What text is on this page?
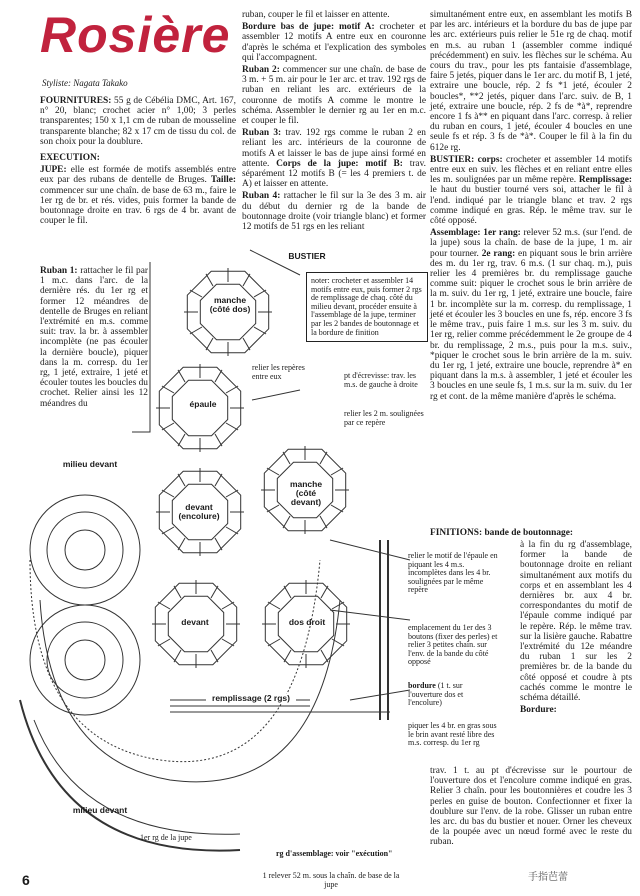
Rosière
Styliste: Nagata Takako

FOURNITURES: 55 g de Cébélia DMC, Art. 167, n° 20, blanc; crochet acier n° 1,00; 3 perles transparentes; 150 x 1,1 cm de ruban de mousseline transparente blanche; 82 x 17 cm de tissu du col. de son choix pour la doublure.

EXECUTION:

JUPE: elle est formée de motifs assemblés entre eux par des rubans de dentelle de Bruges. Taille: commencer sur une chaîn. de base de 63 m., faire le 1er rg de br. et rés. vides, puis former la bande de boutonnage droite en trav. 6 rgs de 4 br. avant de couper le fil.

Ruban 1: rattacher le fil par 1 m.c. dans l'arc. de la dernière rés. du 1er rg et former 12 méandres de dentelle de Bruges en reliant l'extrémité en m.s. comme suit: trav. la br. à assembler incomplète (ne pas écouler la dernière boucle), piquer dans la m. corresp. du 1er rg, 1 jeté, extraire, 1 jeté et écouler toutes les boucles du crochet. Relier ainsi les 12 méandres du

ruban, couper le fil et laisser en attente.

Bordure bas de jupe: motif A: crocheter et assembler 12 motifs A entre eux en couronne d'après le schéma et l'explication des symboles qui l'accompagnent.

Ruban 2: commencer sur une chaîn. de base de 3 m. + 5 m. air pour le 1er arc. et trav. 192 rgs de ruban en reliant les arc. extérieurs de la couronne de motifs A comme le montre le schéma. Assembler le dernier rg au 1er en m.c. et couper le fil.

Ruban 3: trav. 192 rgs comme le ruban 2 en reliant les arc. intérieurs de la couronne de motifs A et laisser le bas de jupe ainsi formé en attente. Corps de la jupe: motif B: trav. séparément 12 motifs B (= les 4 premiers t. de A) et laisser en attente.

Ruban 4: rattacher le fil sur la 3e des 3 m. air du début du dernier rg de la bande de boutonnage droite (voir triangle blanc) et former 12 motifs de 51 rgs en les reliant

simultanément entre eux, en assemblant les motifs B par les arc. intérieurs et la bordure du bas de jupe par les arc. extérieurs puis relier le 51e rg de chaq. motif en m.s. au ruban 1 (assembler comme indiqué précédemment) en suiv. les flèches sur le schéma. Au cours du trav., pour les pts fantaisie d'assemblage, faire 5 jetés, piquer dans le 1er arc. du motif B, 1 jeté, extraire une boucle, rép. 2 fs *1 jeté, écouler 2 boucles*, **2 jetés, piquer dans l'arc. suiv. de B, 1 jeté, extraire une boucle, rép. 2 fs de *à*, reprendre encore 1 fs à** en piquant dans l'arc. corresp. à relier du ruban en cours, 1 jeté, écouler 4 boucles en une seule fs et rép. 3 fs de *à*. Couper le fil à la fin du 612e rg.

BUSTIER: corps: crocheter et assembler 14 motifs entre eux en suiv. les flèches et en reliant entre elles les m. soulignées par un même repère. Remplissage: le haut du bustier tourné vers soi, attacher le fil à l'end. indiqué par le triangle blanc et trav. 2 rgs comme indiqué en gras. Rép. le même trav. sur le côté opposé.

Assemblage: 1er rang: relever 52 m.s. (sur l'end. de la jupe) sous la chaîn. de base de la jupe, 1 m. air pour tourner. 2e rang: en piquant sous le brin arrière des m. du 1er rg, trav. 6 m.s. (1 sur chaq. m.), puis relier les 4 premières br. du remplissage gauche comme suit: piquer le crochet sous le brin arrière de la m. suiv. du 1er rg, 1 jeté, extraire une boucle, faire 1 br. incomplète sur la m. corresp. du remplissage, 1 jeté et écouler les 3 boucles en une fs, rép. encore 3 fs le même trav., puis faire 1 m.s. sur les 3 m. suiv. du 1er rg, relier comme précédemment le 2e groupe de 4 br. du remplissage, 2 m.s., puis pour la m.s. suiv., *piquer le crochet sous le brin arrière de la m. suiv. du 1er rg, 1 jeté, extraire une boucle, reprendre à* en piquant dans la m.s. à assembler, 1 jeté et écouler les 3 boucles en une seule fs, 1 m.s. sur la m. suiv. du 1er rg et cont. de la même manière d'après le schéma.

FINITIONS: bande de boutonnage:

à la fin du rg d'assemblage, former la bande de boutonnage droite en reliant simultanément aux motifs du corps et en assemblant les 4 dernières br. aux 4 br. correspondantes du motif de l'épaule comme indiqué par le repère. Rép. le même trav. sur la lisière gauche. Rabattre l'extrémité du 12e méandre du ruban 1 sur les 2 premières br. de la bande du côté opposé et coudre à pts cachés comme le montre le schéma détaillé.

Bordure:

trav. 1 t. au pt d'écrevisse sur le pourtour de l'ouverture dos et l'encolure comme indiqué en gras. Relier 3 chaîn. pour les boutonnières et coudre les 3 perles en guise de bouton. Confectionner et fixer la doublure sur l'env. de la robe. Glisser un ruban entre les arc. du bas du bustier et nouer. Orner les cheveux de la poupée avec un nœud formé avec le reste du ruban.

BUSTIER
manche (côté dos)
épaule
manche (côté devant)
devant (encolure)
milieu devant
devant	dos droit
remplissage (2 rgs)
milieu devant
1er rg de la jupe
rg d'assemblage: voir "exécution"
1 relever 52 m. sous la chaîn. de base de la jupe
noter: crocheter et assembler 14 motifs entre eux, puis former 2 rgs de remplissage de chaq. côté du milieu devant, procéder ensuite à l'assemblage de la jupe, terminer par les 2 bandes de boutonnage et la bordure de finition
relier les repères entre eux	pt d'écrevisse: trav. les m.s. de gauche à droite
relier les 2 m. soulignées par ce repère
relier le motif de l'épaule en piquant les 4 m.s. incomplètes dans les 4 br. soulignées par le même repère
emplacement du 1er des 3 boutons (fixer des perles) et relier 3 petites chaîn. sur l'env. de la bande du côté opposé
bordure (1 t. sur l'ouverture dos et l'encolure)
piquer les 4 br. en gras sous le brin avant resté libre des m.s. corresp. du 1er rg
6	手指芭蕾
